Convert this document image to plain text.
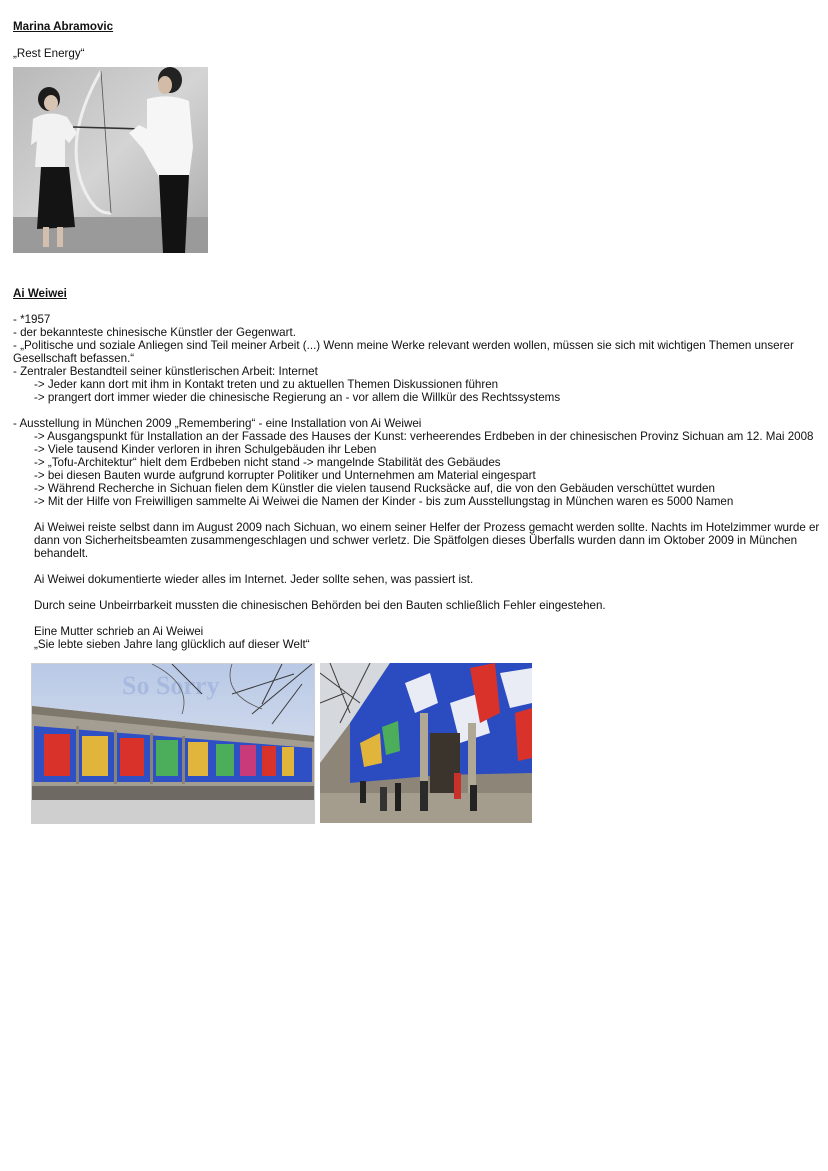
Marina Abramovic
„Rest Energy“
Ai Weiwei
- *1957
- der bekannteste chinesische Künstler der Gegenwart.
- „Politische und soziale Anliegen sind Teil meiner Arbeit (...) Wenn meine Werke relevant werden wollen, müssen sie sich mit wichtigen Themen unserer
Gesellschaft befassen.“
- Zentraler Bestandteil seiner künstlerischen Arbeit: Internet
-> Jeder kann dort mit ihm in Kontakt treten und zu aktuellen Themen Diskussionen führen
-> prangert dort immer wieder die chinesische Regierung an - vor allem die Willkür des Rechtssystems
- Ausstellung in München 2009 „Remembering“ - eine Installation von Ai Weiwei
-> Ausgangspunkt für Installation an der Fassade des Hauses der Kunst: verheerendes Erdbeben in der chinesischen Provinz Sichuan am 12. Mai 2008
-> Viele tausend Kinder verloren in ihren Schulgebäuden ihr Leben
-> „Tofu-Architektur“ hielt dem Erdbeben nicht stand -> mangelnde Stabilität des Gebäudes
-> bei diesen Bauten wurde aufgrund korrupter Politiker und Unternehmen am Material eingespart
-> Während Recherche in Sichuan fielen dem Künstler die vielen tausend Rucksäcke auf, die von den Gebäuden verschüttet wurden
-> Mit der Hilfe von Freiwilligen sammelte Ai Weiwei die Namen der Kinder - bis zum Ausstellungstag in München waren es 5000 Namen
Ai Weiwei reiste selbst dann im August 2009 nach Sichuan, wo einem seiner Helfer der Prozess gemacht werden sollte. Nachts im Hotelzimmer wurde er
dann von Sicherheitsbeamten zusammengeschlagen und schwer verletz. Die Spätfolgen dieses Überfalls wurden dann im Oktober 2009 in München
behandelt.
Ai Weiwei dokumentierte wieder alles im Internet. Jeder sollte sehen, was passiert ist.
Durch seine Unbeirrbarkeit mussten die chinesischen Behörden bei den Bauten schließlich Fehler eingestehen.
Eine Mutter schrieb an Ai Weiwei
„Sie lebte sieben Jahre lang glücklich auf dieser Welt“
So Sorry
